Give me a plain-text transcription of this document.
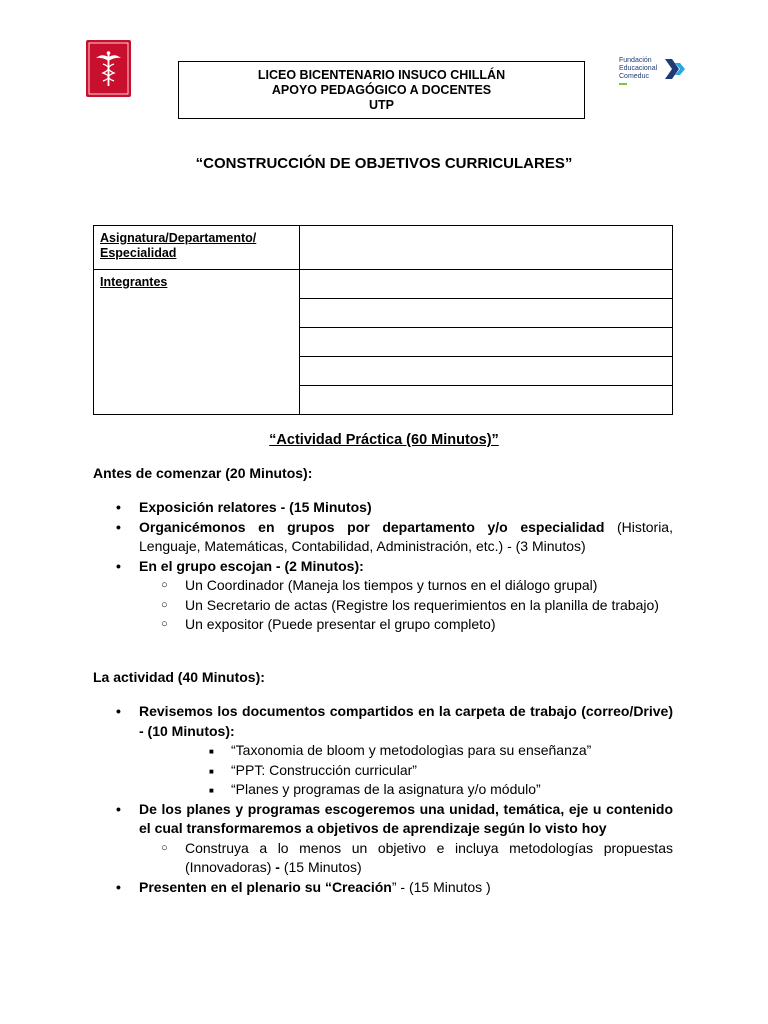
Fundación
Educacional
Comeduc
LICEO BICENTENARIO INSUCO CHILLÁN
APOYO PEDAGÓGICO A DOCENTES
UTP
“CONSTRUCCIÓN DE OBJETIVOS CURRICULARES”
Asignatura/Departamento/ Especialidad	
Integrantes	

“Actividad Práctica (60 Minutos)”
Antes de comenzar (20 Minutos):
• Exposición relatores - (15 Minutos)
• Organicémonos en grupos por departamento y/o especialidad (Historia, Lenguaje, Matemáticas, Contabilidad, Administración, etc.) - (3 Minutos)
• En el grupo escojan - (2 Minutos):
○ Un Coordinador (Maneja los tiempos y turnos en el diálogo grupal)
○ Un Secretario de actas (Registre los requerimientos en la planilla de trabajo)
○ Un expositor (Puede presentar el grupo completo)
La actividad (40 Minutos):
• Revisemos los documentos compartidos en la carpeta de trabajo (correo/Drive) - (10 Minutos):
■ “Taxonomia de bloom y metodologìas para su enseñanza”
■ “PPT: Construcción curricular”
■ “Planes y programas de la asignatura y/o módulo”
• De los planes y programas escogeremos una unidad, temática, eje u contenido el cual transformaremos a objetivos de aprendizaje según lo visto hoy
○ Construya a lo menos un objetivo e incluya metodologías propuestas (Innovadoras) - (15 Minutos)
• Presenten en el plenario su “Creación” - (15 Minutos )
